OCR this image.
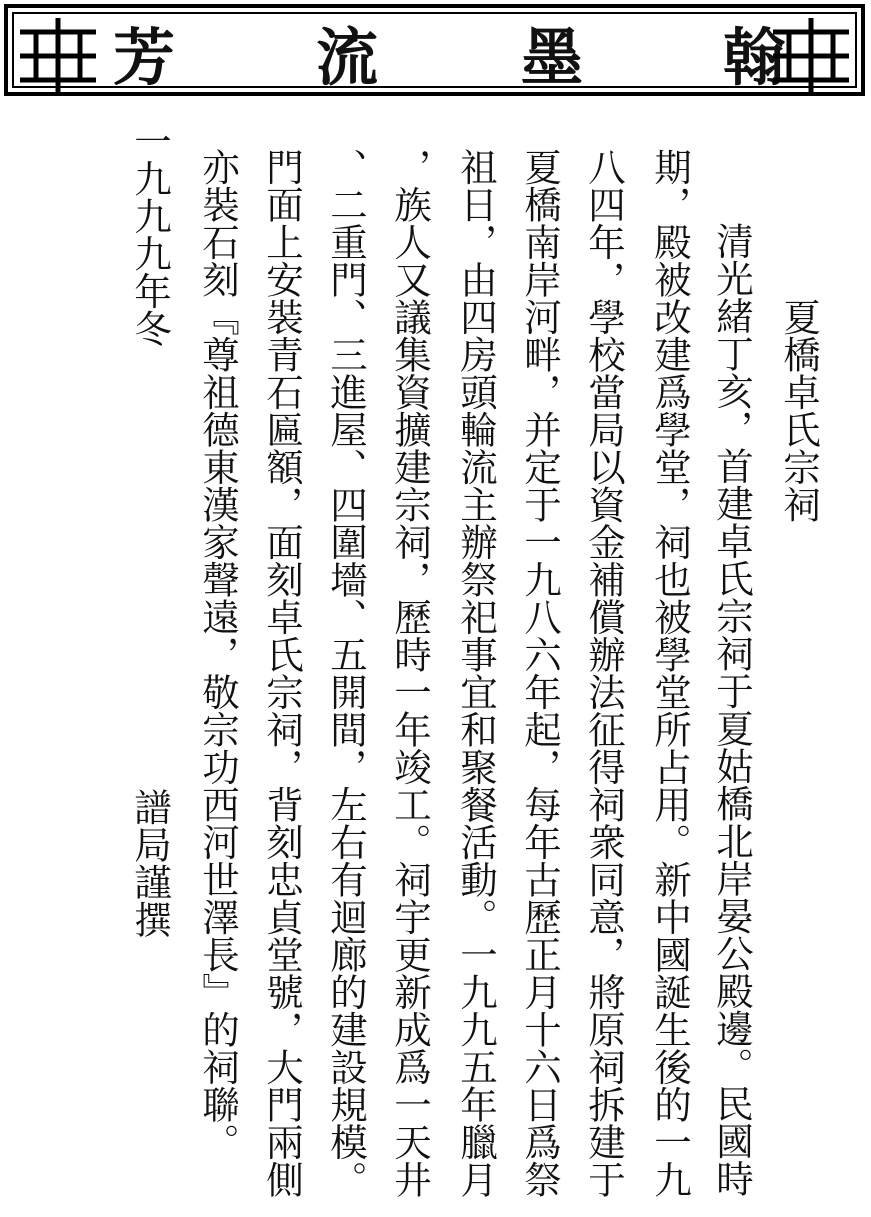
芳 流 墨 翰
夏橋卓氏宗祠
清光緒丁亥，首建卓氏宗祠于夏姑橋北岸晏公殿邊。民國時
期，殿被改建爲學堂，祠也被學堂所占用。新中國誕生後的一九
八四年，學校當局以資金補償辦法征得祠衆同意，將原祠拆建于
夏橋南岸河畔，并定于一九八六年起，每年古歷正月十六日爲祭
祖日，由四房頭輪流主辦祭祀事宜和聚餐活動。一九九五年臘月
，族人又議集資擴建宗祠，歷時一年竣工。祠宇更新成爲一天井
、二重門、三進屋、四圍墻、五開間，左右有迴廊的建設規模。
門面上安裝青石匾額，面刻卓氏宗祠，背刻忠貞堂號，大門兩側
亦裝石刻『尊祖德東漢家聲遠，敬宗功西河世澤長』的祠聯。
一九九九年冬
譜局謹撰
